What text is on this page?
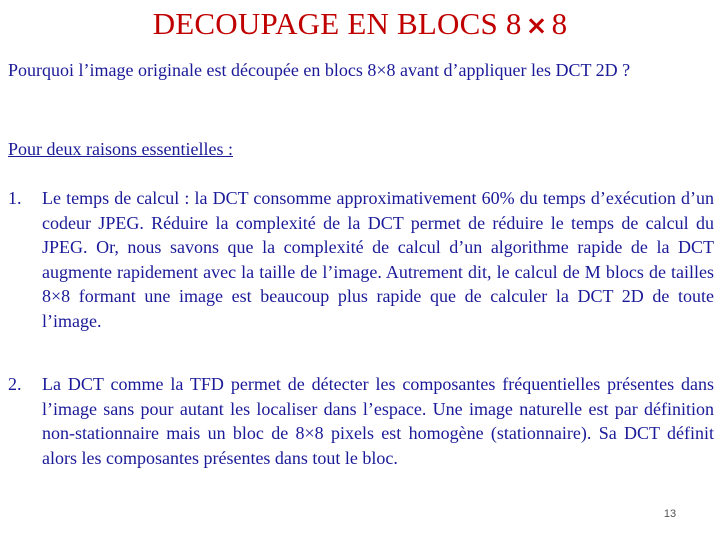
DECOUPAGE EN BLOCS 8 × 8
Pourquoi l’image originale est découpée en blocs 8×8 avant d’appliquer les DCT 2D ?
Pour deux raisons essentielles :
1. Le temps de calcul : la DCT consomme approximativement 60% du temps d’exécution d’un codeur JPEG. Réduire la complexité de la DCT permet de réduire le temps de calcul du JPEG. Or, nous savons que la complexité de calcul d’un algorithme rapide de la DCT augmente rapidement avec la taille de l’image. Autrement dit, le calcul de M blocs de tailles 8×8 formant une image est beaucoup plus rapide que de calculer la DCT 2D de toute l’image.
2. La DCT comme la TFD permet de détecter les composantes fréquentielles présentes dans l’image sans pour autant les localiser dans l’espace. Une image naturelle est par définition non-stationnaire mais un bloc de 8×8 pixels est homogène (stationnaire). Sa DCT définit alors les composantes présentes dans tout le bloc.
13
